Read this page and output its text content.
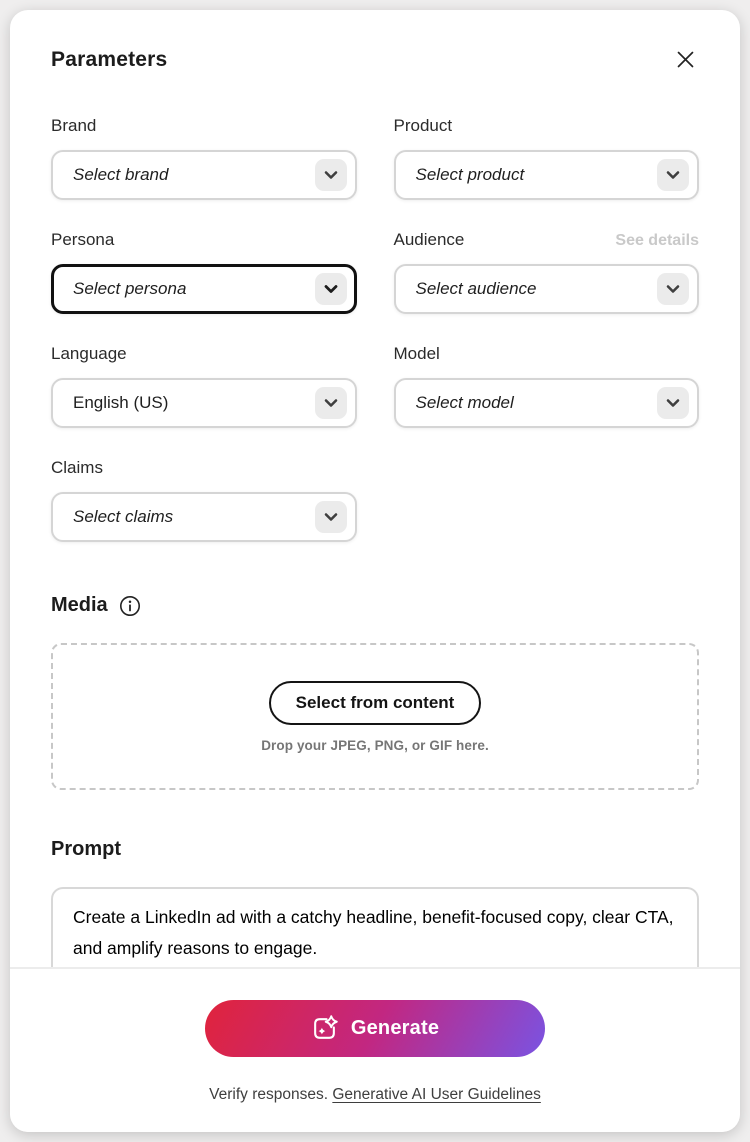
Parameters
Brand
Select brand
Product
Select product
Persona
Select persona
Audience	See details
Select audience
Language
English (US)
Model
Select model
Claims
Select claims
Media
Select from content
Drop your JPEG, PNG, or GIF here.
Prompt
Create a LinkedIn ad with a catchy headline, benefit-focused copy, clear CTA, and amplify reasons to engage.
Generate
Verify responses. Generative AI User Guidelines
